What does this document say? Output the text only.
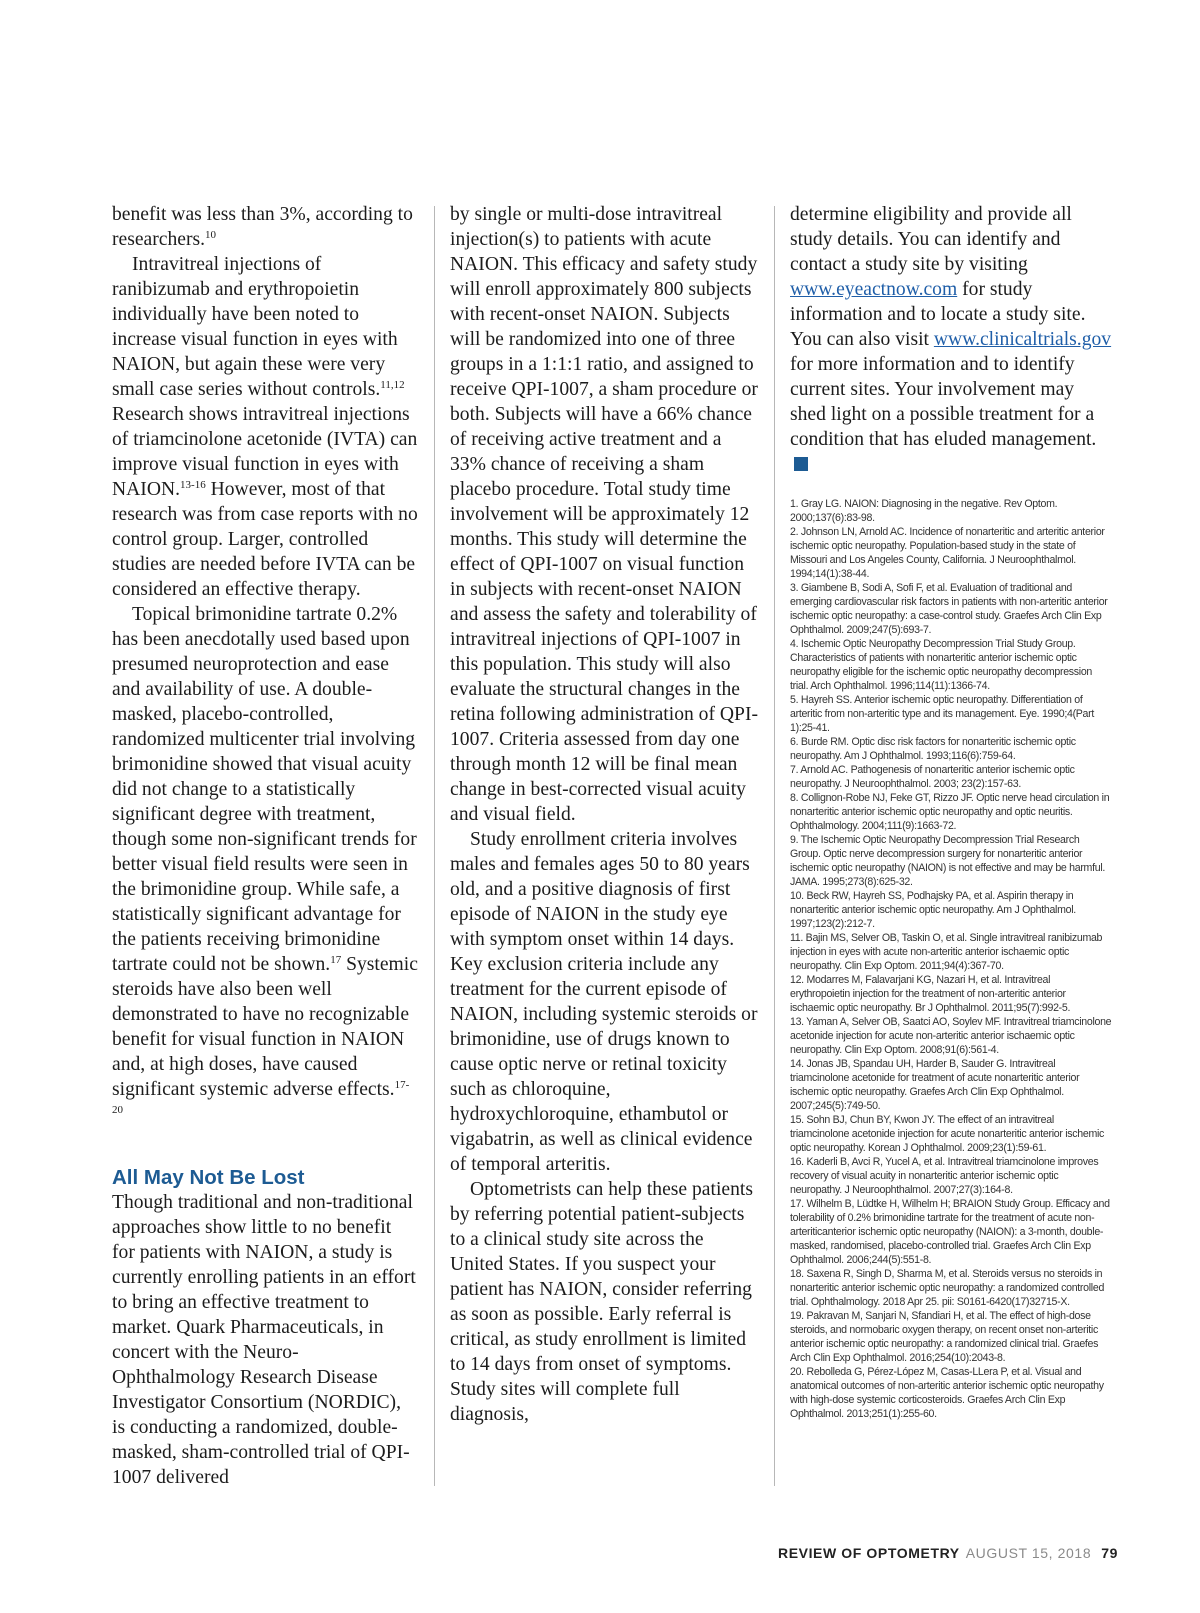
benefit was less than 3%, according to researchers.$^{10}$

Intravitreal injections of ranibizumab and erythropoietin individually have been noted to increase visual function in eyes with NAION, but again these were very small case series without controls.$^{11,12}$ Research shows intravitreal injections of triamcinolone acetonide (IVTA) can improve visual function in eyes with NAION.$^{13-16}$ However, most of that research was from case reports with no control group. Larger, controlled studies are needed before IVTA can be considered an effective therapy.

Topical brimonidine tartrate 0.2% has been anecdotally used based upon presumed neuroprotection and ease and availability of use. A double-masked, placebo-controlled, randomized multicenter trial involving brimonidine showed that visual acuity did not change to a statistically significant degree with treatment, though some non-significant trends for better visual field results were seen in the brimonidine group. While safe, a statistically significant advantage for the patients receiving brimonidine tartrate could not be shown.$^{17}$ Systemic steroids have also been well demonstrated to have no recognizable benefit for visual function in NAION and, at high doses, have caused significant systemic adverse effects.$^{17-20}$

All May Not Be Lost

Though traditional and non-traditional approaches show little to no benefit for patients with NAION, a study is currently enrolling patients in an effort to bring an effective treatment to market. Quark Pharmaceuticals, in concert with the Neuro-Ophthalmology Research Disease Investigator Consortium (NORDIC), is conducting a randomized, double-masked, sham-controlled trial of QPI-1007 delivered

by single or multi-dose intravitreal injection(s) to patients with acute NAION. This efficacy and safety study will enroll approximately 800 subjects with recent-onset NAION. Subjects will be randomized into one of three groups in a 1:1:1 ratio, and assigned to receive QPI-1007, a sham procedure or both. Subjects will have a 66% chance of receiving active treatment and a 33% chance of receiving a sham placebo procedure. Total study time involvement will be approximately 12 months. This study will determine the effect of QPI-1007 on visual function in subjects with recent-onset NAION and assess the safety and tolerability of intravitreal injections of QPI-1007 in this population. This study will also evaluate the structural changes in the retina following administration of QPI-1007. Criteria assessed from day one through month 12 will be final mean change in best-corrected visual acuity and visual field.

Study enrollment criteria involves males and females ages 50 to 80 years old, and a positive diagnosis of first episode of NAION in the study eye with symptom onset within 14 days. Key exclusion criteria include any treatment for the current episode of NAION, including systemic steroids or brimonidine, use of drugs known to cause optic nerve or retinal toxicity such as chloroquine, hydroxychloroquine, ethambutol or vigabatrin, as well as clinical evidence of temporal arteritis.

Optometrists can help these patients by referring potential patient-subjects to a clinical study site across the United States. If you suspect your patient has NAION, consider referring as soon as possible. Early referral is critical, as study enrollment is limited to 14 days from onset of symptoms. Study sites will complete full diagnosis,

determine eligibility and provide all study details. You can identify and contact a study site by visiting www.eyeactnow.com for study information and to locate a study site. You can also visit www.clinicaltrials.gov for more information and to identify current sites. Your involvement may shed light on a possible treatment for a condition that has eluded management.

1. Gray LG. NAION: Diagnosing in the negative. Rev Optom. 2000;137(6):83-98.
2. Johnson LN, Arnold AC. Incidence of nonarteritic and arteritic anterior ischemic optic neuropathy. Population-based study in the state of Missouri and Los Angeles County, California. J Neuroophthalmol. 1994;14(1):38-44.
3. Giambene B, Sodi A, Sofi F, et al. Evaluation of traditional and emerging cardiovascular risk factors in patients with non-arteritic anterior ischemic optic neuropathy: a case-control study. Graefes Arch Clin Exp Ophthalmol. 2009;247(5):693-7.
4. Ischemic Optic Neuropathy Decompression Trial Study Group. Characteristics of patients with nonarteritic anterior ischemic optic neuropathy eligible for the ischemic optic neuropathy decompression trial. Arch Ophthalmol. 1996;114(11):1366-74.
5. Hayreh SS. Anterior ischemic optic neuropathy. Differentiation of arteritic from non-arteritic type and its management. Eye. 1990;4(Part 1):25-41.
6. Burde RM. Optic disc risk factors for nonarteritic ischemic optic neuropathy. Am J Ophthalmol. 1993;116(6):759-64.
7. Arnold AC. Pathogenesis of nonarteritic anterior ischemic optic neuropathy. J Neuroophthalmol. 2003; 23(2):157-63.
8. Collignon-Robe NJ, Feke GT, Rizzo JF. Optic nerve head circulation in nonarteritic anterior ischemic optic neuropathy and optic neuritis. Ophthalmology. 2004;111(9):1663-72.
9. The Ischemic Optic Neuropathy Decompression Trial Research Group. Optic nerve decompression surgery for nonarteritic anterior ischemic optic neuropathy (NAION) is not effective and may be harmful. JAMA. 1995;273(8):625-32.
10. Beck RW, Hayreh SS, Podhajsky PA, et al. Aspirin therapy in nonarteritic anterior ischemic optic neuropathy. Am J Ophthalmol. 1997;123(2):212-7.
11. Bajin MS, Selver OB, Taskin O, et al. Single intravitreal ranibizumab injection in eyes with acute non-arteritic anterior ischaemic optic neuropathy. Clin Exp Optom. 2011;94(4):367-70.
12. Modarres M, Falavarjani KG, Nazari H, et al. Intravitreal erythropoietin injection for the treatment of non-arteritic anterior ischaemic optic neuropathy. Br J Ophthalmol. 2011;95(7):992-5.
13. Yaman A, Selver OB, Saatci AO, Soylev MF. Intravitreal triamcinolone acetonide injection for acute non-arteritic anterior ischaemic optic neuropathy. Clin Exp Optom. 2008;91(6):561-4.
14. Jonas JB, Spandau UH, Harder B, Sauder G. Intravitreal triamcinolone acetonide for treatment of acute nonarteritic anterior ischemic optic neuropathy. Graefes Arch Clin Exp Ophthalmol. 2007;245(5):749-50.
15. Sohn BJ, Chun BY, Kwon JY. The effect of an intravitreal triamcinolone acetonide injection for acute nonarteritic anterior ischemic optic neuropathy. Korean J Ophthalmol. 2009;23(1):59-61.
16. Kaderli B, Avci R, Yucel A, et al. Intravitreal triamcinolone improves recovery of visual acuity in nonarteritic anterior ischemic optic neuropathy. J Neuroophthalmol. 2007;27(3):164-8.
17. Wilhelm B, Lüdtke H, Wilhelm H; BRAION Study Group. Efficacy and tolerability of 0.2% brimonidine tartrate for the treatment of acute non-arteriticanterior ischemic optic neuropathy (NAION): a 3-month, double-masked, randomised, placebo-controlled trial. Graefes Arch Clin Exp Ophthalmol. 2006;244(5):551-8.
18. Saxena R, Singh D, Sharma M, et al. Steroids versus no steroids in nonarteritic anterior ischemic optic neuropathy: a randomized controlled trial. Ophthalmology. 2018 Apr 25. pii: S0161-6420(17)32715-X.
19. Pakravan M, Sanjari N, Sfandiari H, et al. The effect of high-dose steroids, and normobaric oxygen therapy, on recent onset non-arteritic anterior ischemic optic neuropathy: a randomized clinical trial. Graefes Arch Clin Exp Ophthalmol. 2016;254(10):2043-8.
20. Rebolleda G, Pérez-López M, Casas-LLera P, et al. Visual and anatomical outcomes of non-arteritic anterior ischemic optic neuropathy with high-dose systemic corticosteroids. Graefes Arch Clin Exp Ophthalmol. 2013;251(1):255-60.
REVIEW OF OPTOMETRY AUGUST 15, 2018 79
